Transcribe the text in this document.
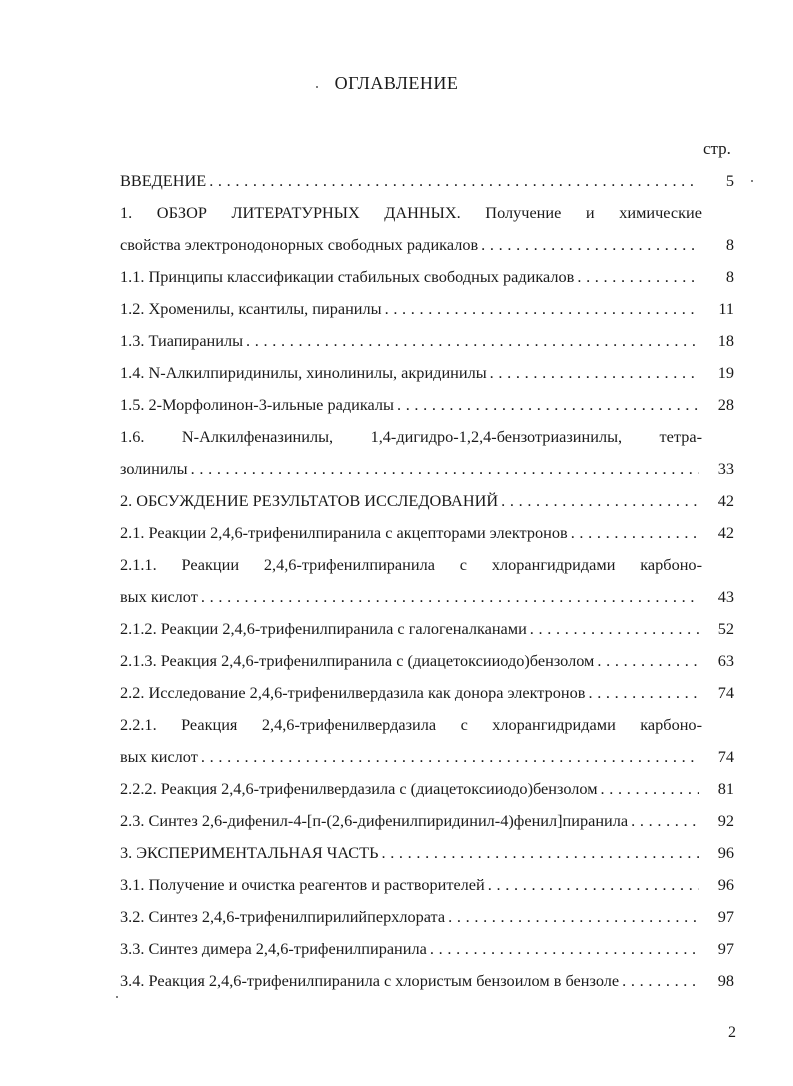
ОГЛАВЛЕНИЕ
стр.
ВВЕДЕНИЕ . . .	5
1. ОБЗОР ЛИТЕРАТУРНЫХ ДАННЫХ. Получение и химические
свойства электронодонорных свободных радикалов . . .	8
1.1. Принципы классификации стабильных свободных радикалов . . .	8
1.2. Хроменилы, ксантилы, пиранилы . . .	11
1.3. Тиапиранилы . . .	18
1.4. N-Алкилпиридинилы, хинолинилы, акридинилы . . .	19
1.5. 2-Морфолинон-3-ильные радикалы . . .	28
1.6. N-Алкилфеназинилы, 1,4-дигидро-1,2,4-бензотриазинилы, тетра-
золинилы . . .	33
2. ОБСУЖДЕНИЕ РЕЗУЛЬТАТОВ ИССЛЕДОВАНИЙ . . .	42
2.1. Реакции 2,4,6-трифенилпиранила с акцепторами электронов . . .	42
2.1.1. Реакции 2,4,6-трифенилпиранила с хлорангидридами карбоно-
вых кислот . . .	43
2.1.2. Реакции 2,4,6-трифенилпиранила с галогеналканами . . .	52
2.1.3. Реакция 2,4,6-трифенилпиранила с (диацетоксииодо)бензолом . . .	63
2.2. Исследование 2,4,6-трифенилвердазила как донора электронов . . .	74
2.2.1. Реакция 2,4,6-трифенилвердазила с хлорангидридами карбоно-
вых кислот . . .	74
2.2.2. Реакция 2,4,6-трифенилвердазила с (диацетоксииодо)бензолом . . .	81
2.3. Синтез 2,6-дифенил-4-[п-(2,6-дифенилпиридинил-4)фенил]пиранила . . .	92
3. ЭКСПЕРИМЕНТАЛЬНАЯ ЧАСТЬ . . .	96
3.1. Получение и очистка реагентов и растворителей . . .	96
3.2. Синтез 2,4,6-трифенилпирилийперхлората . . .	97
3.3. Синтез димера 2,4,6-трифенилпиранила . . .	97
3.4. Реакция 2,4,6-трифенилпиранила с хлористым бензоилом в бензоле . . .	98
2
